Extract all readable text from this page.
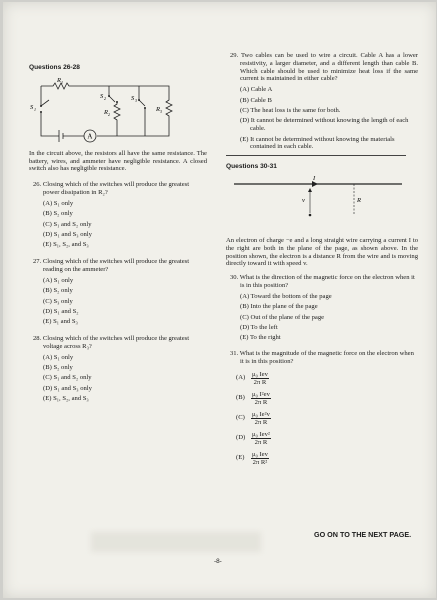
Questions 26-28
A
S 1
R 1
S 2
R 2
S 3
R 3

In the circuit above, the resistors all have the same resistance. The battery, wires, and ammeter have negligible resistance. A closed switch also has negligible resistance.

26. Closing which of the switches will produce the greatest power dissipation in R₂?

(A) S₁ only
(B) S₂ only
(C) S₁ and S₂ only
(D) S₁ and S₃ only
(E) S₁, S₂, and S₃

27. Closing which of the switches will produce the greatest reading on the ammeter?

(A) S₁ only
(B) S₂ only
(C) S₃ only
(D) S₁ and S₂
(E) S₁ and S₃

28. Closing which of the switches will produce the greatest voltage across R₃?

(A) S₁ only
(B) S₂ only
(C) S₁ and S₂ only
(D) S₁ and S₃ only
(E) S₁, S₂, and S₃

29. Two cables can be used to wire a circuit. Cable A has a lower resistivity, a larger diameter, and a different length than cable B. Which cable should be used to minimize heat loss if the same current is maintained in either cable?

(A) Cable A
(B) Cable B
(C) The heat loss is the same for both.
(D) It cannot be determined without knowing the length of each cable.
(E) It cannot be determined without knowing the materials contained in each cable.
Questions 30-31
I
v	R

An electron of charge −e and a long straight wire carrying a current I to the right are both in the plane of the page, as shown above. In the position shown, the electron is a distance R from the wire and is moving directly toward it with speed v.

30. What is the direction of the magnetic force on the electron when it is in this position?

(A) Toward the bottom of the page
(B) Into the plane of the page
(C) Out of the plane of the page
(D) To the left
(E) To the right

31. What is the magnitude of the magnetic force on the electron when it is in this position?

(A)
μ₀ Iev
2π R
$(B) \frac{\text{μ₀ I²ev}}{\text{2π R}}$
$(C) \frac{\text{μ₀ Ie²v}}{\text{2π R}}$
(D)
μ₀ Iev²
2π R
(E)
μ₀ Iev
2π R²
GO ON TO THE NEXT PAGE.
-8-
